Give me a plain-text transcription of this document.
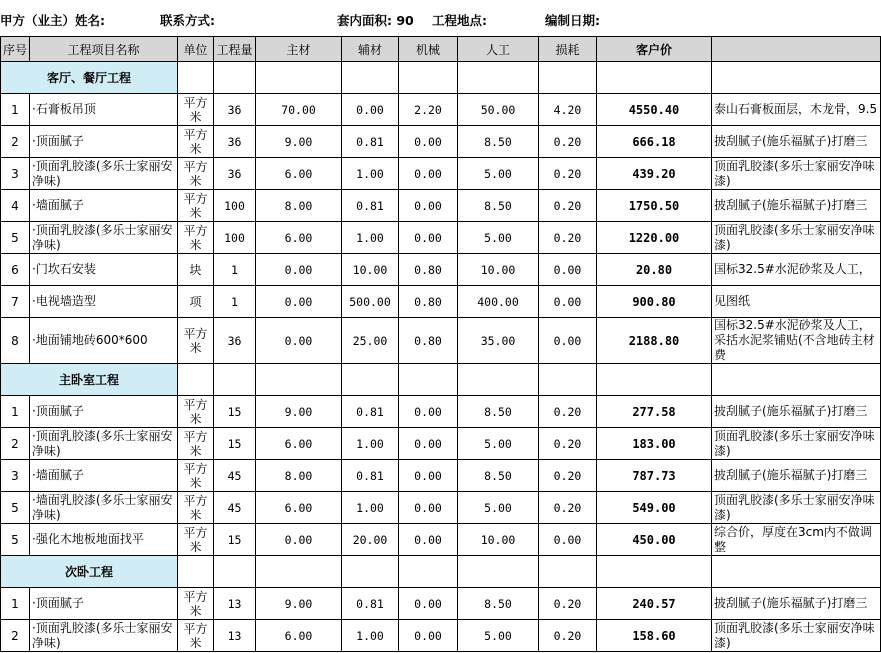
甲方（业主）姓名:	联系方式:	套内面积: 90 工程地点:	编制日期:
序号	工程项目名称	单位	工程量	主材	辅材	机械	人工	损耗	客户价	
客厅、餐厅工程										
1	·石膏板吊顶	平方米	36	70.00	0.00	2.20	50.00	4.20	4550.40	泰山石膏板面层，木龙骨，9.5
2	·顶面腻子	平方米	36	9.00	0.81	0.00	8.50	0.20	666.18	披刮腻子(施乐福腻子)打磨三
3	·顶面乳胶漆(多乐士家丽安净味)	平方米	36	6.00	1.00	0.00	5.00	0.20	439.20	顶面乳胶漆(多乐士家丽安净味漆)
4	·墙面腻子	平方米	100	8.00	0.81	0.00	8.50	0.20	1750.50	披刮腻子(施乐福腻子)打磨三
5	·顶面乳胶漆(多乐士家丽安净味)	平方米	100	6.00	1.00	0.00	5.00	0.20	1220.00	顶面乳胶漆(多乐士家丽安净味漆)
6	·门坎石安装	块	1	0.00	10.00	0.80	10.00	0.00	20.80	国标32.5#水泥砂浆及人工，
7	·电视墙造型	项	1	0.00	500.00	0.80	400.00	0.00	900.80	见图纸
8	·地面铺地砖600*600	平方米	36	0.00	25.00	0.80	35.00	0.00	2188.80	国标32.5#水泥砂浆及人工，采括水泥浆铺贴(不含地砖主材费
主卧室工程										
1	·顶面腻子	平方米	15	9.00	0.81	0.00	8.50	0.20	277.58	披刮腻子(施乐福腻子)打磨三
2	·顶面乳胶漆(多乐士家丽安净味)	平方米	15	6.00	1.00	0.00	5.00	0.20	183.00	顶面乳胶漆(多乐士家丽安净味漆)
3	·墙面腻子	平方米	45	8.00	0.81	0.00	8.50	0.20	787.73	披刮腻子(施乐福腻子)打磨三
5	·墙面乳胶漆(多乐士家丽安净味)	平方米	45	6.00	1.00	0.00	5.00	0.20	549.00	顶面乳胶漆(多乐士家丽安净味漆)
5	·强化木地板地面找平	平方米	15	0.00	20.00	0.00	10.00	0.00	450.00	综合价，厚度在3cm内不做调整
次卧工程										
1	·顶面腻子	平方米	13	9.00	0.81	0.00	8.50	0.20	240.57	披刮腻子(施乐福腻子)打磨三
2	·顶面乳胶漆(多乐士家丽安净味)	平方米	13	6.00	1.00	0.00	5.00	0.20	158.60	顶面乳胶漆(多乐士家丽安净味漆)
